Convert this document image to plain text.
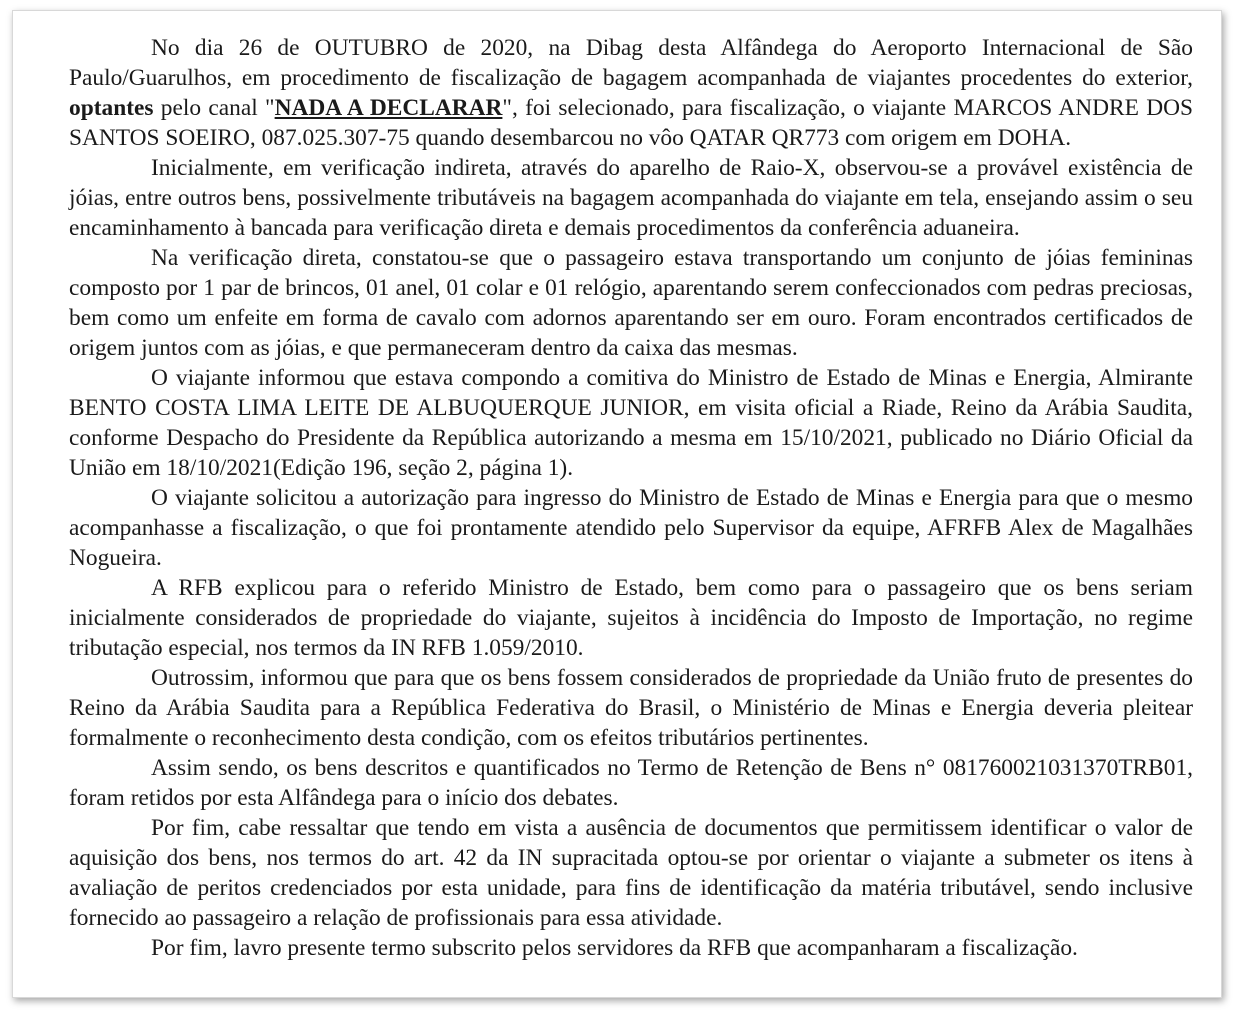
No dia 26 de OUTUBRO de 2020, na Dibag desta Alfândega do Aeroporto Internacional de São Paulo/Guarulhos, em procedimento de fiscalização de bagagem acompanhada de viajantes procedentes do exterior, optantes pelo canal "NADA A DECLARAR", foi selecionado, para fiscalização, o viajante MARCOS ANDRE DOS SANTOS SOEIRO, 087.025.307-75 quando desembarcou no vôo QATAR QR773 com origem em DOHA.

Inicialmente, em verificação indireta, através do aparelho de Raio-X, observou-se a provável existência de jóias, entre outros bens, possivelmente tributáveis na bagagem acompanhada do viajante em tela, ensejando assim o seu encaminhamento à bancada para verificação direta e demais procedimentos da conferência aduaneira.

Na verificação direta, constatou-se que o passageiro estava transportando um conjunto de jóias femininas composto por 1 par de brincos, 01 anel, 01 colar e 01 relógio, aparentando serem confeccionados com pedras preciosas, bem como um enfeite em forma de cavalo com adornos aparentando ser em ouro. Foram encontrados certificados de origem juntos com as jóias, e que permaneceram dentro da caixa das mesmas.

O viajante informou que estava compondo a comitiva do Ministro de Estado de Minas e Energia, Almirante BENTO COSTA LIMA LEITE DE ALBUQUERQUE JUNIOR, em visita oficial a Riade, Reino da Arábia Saudita, conforme Despacho do Presidente da República autorizando a mesma em 15/10/2021, publicado no Diário Oficial da União em 18/10/2021(Edição 196, seção 2, página 1).

O viajante solicitou a autorização para ingresso do Ministro de Estado de Minas e Energia para que o mesmo acompanhasse a fiscalização, o que foi prontamente atendido pelo Supervisor da equipe, AFRFB Alex de Magalhães Nogueira.

A RFB explicou para o referido Ministro de Estado, bem como para o passageiro que os bens seriam inicialmente considerados de propriedade do viajante, sujeitos à incidência do Imposto de Importação, no regime tributação especial, nos termos da IN RFB 1.059/2010.

Outrossim, informou que para que os bens fossem considerados de propriedade da União fruto de presentes do Reino da Arábia Saudita para a República Federativa do Brasil, o Ministério de Minas e Energia deveria pleitear formalmente o reconhecimento desta condição, com os efeitos tributários pertinentes.

Assim sendo, os bens descritos e quantificados no Termo de Retenção de Bens n° 081760021031370TRB01, foram retidos por esta Alfândega para o início dos debates.

Por fim, cabe ressaltar que tendo em vista a ausência de documentos que permitissem identificar o valor de aquisição dos bens, nos termos do art. 42 da IN supracitada optou-se por orientar o viajante a submeter os itens à avaliação de peritos credenciados por esta unidade, para fins de identificação da matéria tributável, sendo inclusive fornecido ao passageiro a relação de profissionais para essa atividade.

Por fim, lavro presente termo subscrito pelos servidores da RFB que acompanharam a fiscalização.
